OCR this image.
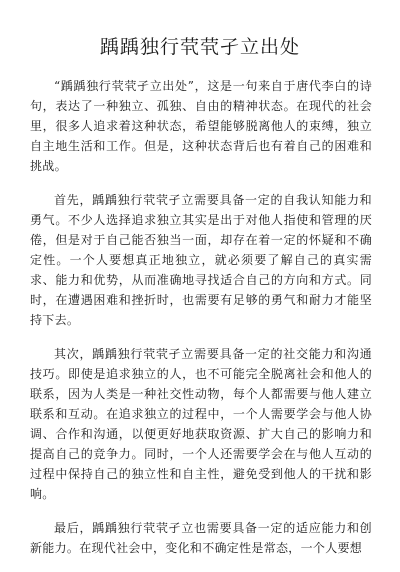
踽踽独行茕茕孑立出处

“踽踽独行茕茕孑立出处”，这是一句来自于唐代李白的诗句，表达了一种独立、孤独、自由的精神状态。在现代的社会里，很多人追求着这种状态，希望能够脱离他人的束缚，独立自主地生活和工作。但是，这种状态背后也有着自己的困难和挑战。

首先，踽踽独行茕茕孑立需要具备一定的自我认知能力和勇气。不少人选择追求独立其实是出于对他人指使和管理的厌倦，但是对于自己能否独当一面，却存在着一定的怀疑和不确定性。一个人要想真正地独立，就必须要了解自己的真实需求、能力和优势，从而准确地寻找适合自己的方向和方式。同时，在遭遇困难和挫折时，也需要有足够的勇气和耐力才能坚持下去。

其次，踽踽独行茕茕孑立需要具备一定的社交能力和沟通技巧。即使是追求独立的人，也不可能完全脱离社会和他人的联系，因为人类是一种社交性动物，每个人都需要与他人建立联系和互动。在追求独立的过程中，一个人需要学会与他人协调、合作和沟通，以便更好地获取资源、扩大自己的影响力和提高自己的竞争力。同时，一个人还需要学会在与他人互动的过程中保持自己的独立性和自主性，避免受到他人的干扰和影响。

最后，踽踽独行茕茕孑立也需要具备一定的适应能力和创新能力。在现代社会中，变化和不确定性是常态，一个人要想
